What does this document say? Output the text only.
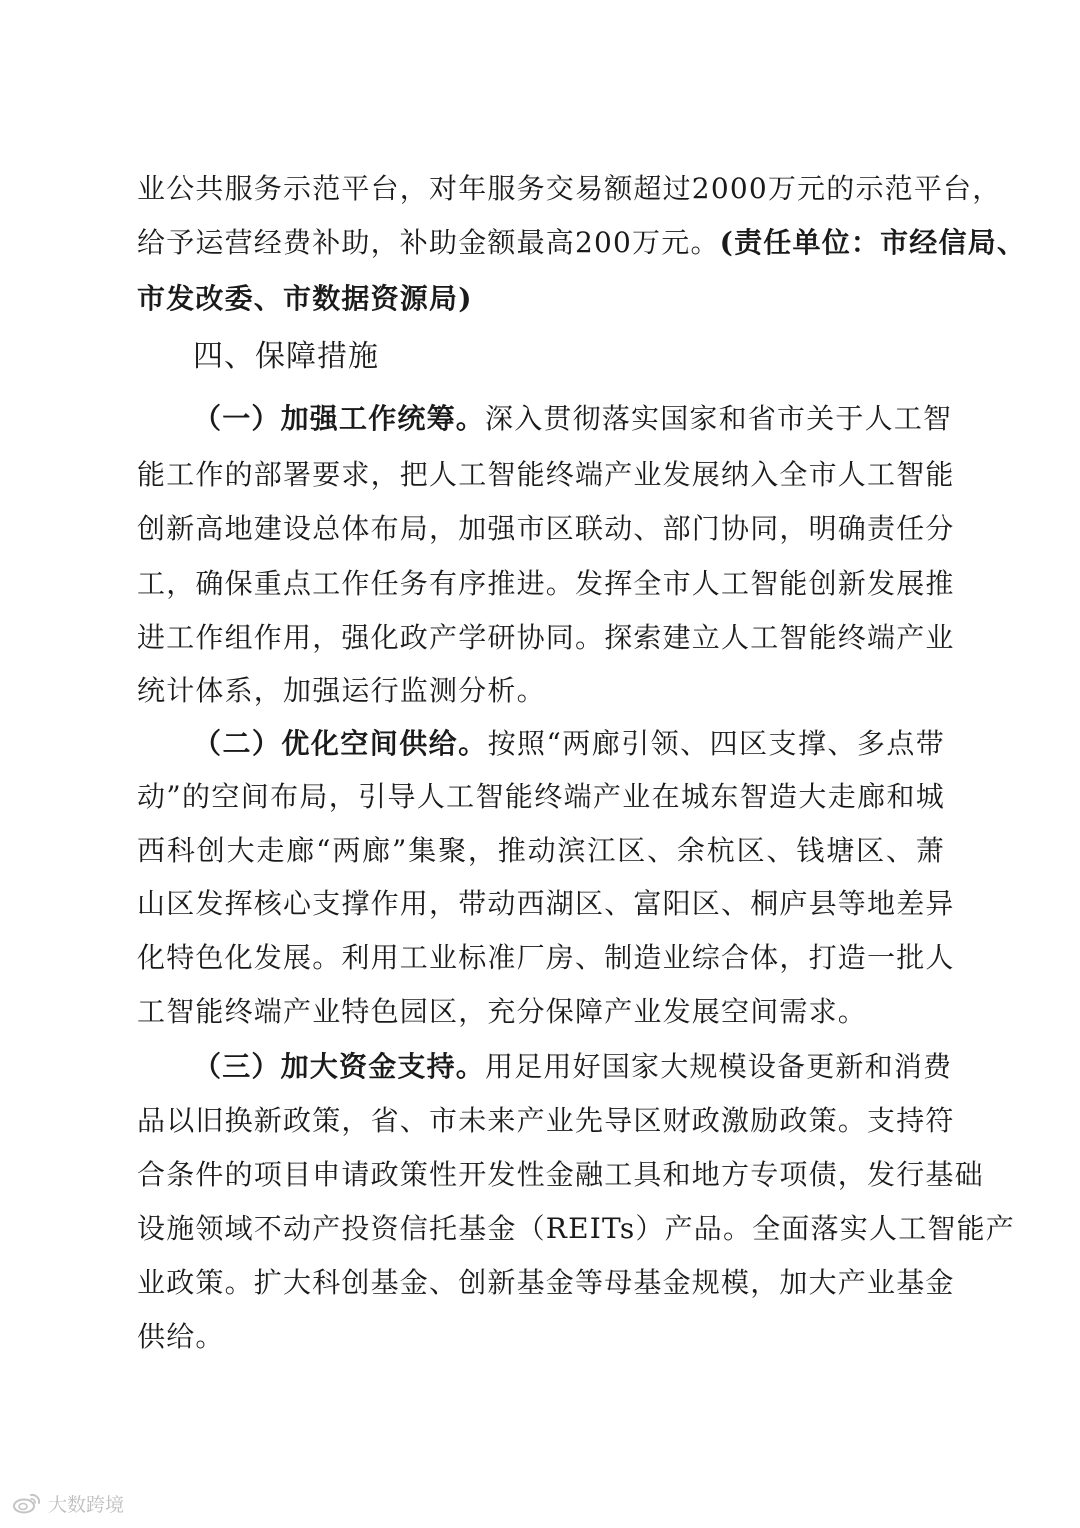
业公共服务示范平台，对年服务交易额超过2000万元的示范平台，
给予运营经费补助，补助金额最高200万元。(责任单位：市经信局、
市发改委、市数据资源局)
四、保障措施
（一）加强工作统筹。深入贯彻落实国家和省市关于人工智
能工作的部署要求，把人工智能终端产业发展纳入全市人工智能
创新高地建设总体布局，加强市区联动、部门协同，明确责任分
工，确保重点工作任务有序推进。发挥全市人工智能创新发展推
进工作组作用，强化政产学研协同。探索建立人工智能终端产业
统计体系，加强运行监测分析。
（二）优化空间供给。按照“两廊引领、四区支撑、多点带
动”的空间布局，引导人工智能终端产业在城东智造大走廊和城
西科创大走廊“两廊”集聚，推动滨江区、余杭区、钱塘区、萧
山区发挥核心支撑作用，带动西湖区、富阳区、桐庐县等地差异
化特色化发展。利用工业标准厂房、制造业综合体，打造一批人
工智能终端产业特色园区，充分保障产业发展空间需求。
（三）加大资金支持。用足用好国家大规模设备更新和消费
品以旧换新政策，省、市未来产业先导区财政激励政策。支持符
合条件的项目申请政策性开发性金融工具和地方专项债，发行基础
设施领域不动产投资信托基金（REITs）产品。全面落实人工智能产
业政策。扩大科创基金、创新基金等母基金规模，加大产业基金
供给。
大数跨境
